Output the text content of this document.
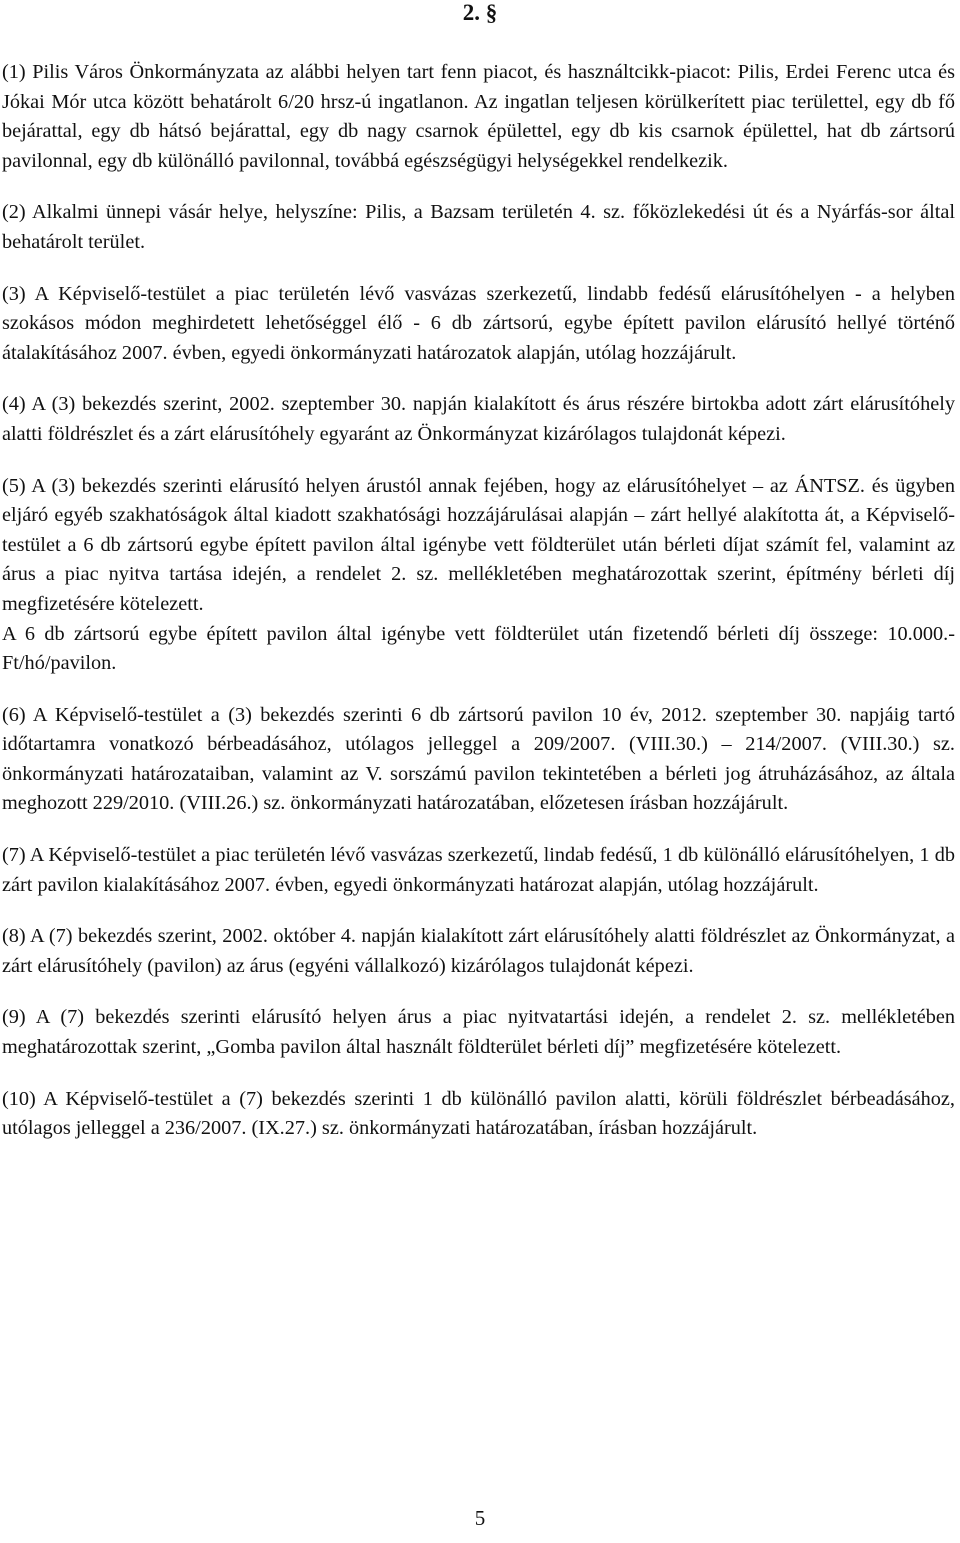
2. §

(1) Pilis Város Önkormányzata az alábbi helyen tart fenn piacot, és használtcikk-piacot: Pilis, Erdei Ferenc utca és Jókai Mór utca között behatárolt 6/20 hrsz-ú ingatlanon. Az ingatlan teljesen körülkerített piac területtel, egy db fő bejárattal, egy db hátsó bejárattal, egy db nagy csarnok épülettel, egy db kis csarnok épülettel, hat db zártsorú pavilonnal, egy db különálló pavilonnal, továbbá egészségügyi helységekkel rendelkezik.

(2) Alkalmi ünnepi vásár helye, helyszíne: Pilis, a Bazsam területén 4. sz. főközlekedési út és a Nyárfás-sor által behatárolt terület.

(3) A Képviselő-testület a piac területén lévő vasvázas szerkezetű, lindabb fedésű elárusítóhelyen - a helyben szokásos módon meghirdetett lehetőséggel élő - 6 db zártsorú, egybe épített pavilon elárusító hellyé történő átalakításához 2007. évben, egyedi önkormányzati határozatok alapján, utólag hozzájárult.

(4) A (3) bekezdés szerint, 2002. szeptember 30. napján kialakított és árus részére birtokba adott zárt elárusítóhely alatti földrészlet és a zárt elárusítóhely egyaránt az Önkormányzat kizárólagos tulajdonát képezi.

(5) A (3) bekezdés szerinti elárusító helyen árustól annak fejében, hogy az elárusítóhelyet – az ÁNTSZ. és ügyben eljáró egyéb szakhatóságok által kiadott szakhatósági hozzájárulásai alapján – zárt hellyé alakította át, a Képviselő-testület a 6 db zártsorú egybe épített pavilon által igénybe vett földterület után bérleti díjat számít fel, valamint az árus a piac nyitva tartása idején, a rendelet 2. sz. mellékletében meghatározottak szerint, építmény bérleti díj megfizetésére kötelezett.

A 6 db zártsorú egybe épített pavilon által igénybe vett földterület után fizetendő bérleti díj összege: 10.000.- Ft/hó/pavilon.

(6) A Képviselő-testület a (3) bekezdés szerinti 6 db zártsorú pavilon 10 év, 2012. szeptember 30. napjáig tartó időtartamra vonatkozó bérbeadásához, utólagos jelleggel a 209/2007. (VIII.30.) – 214/2007. (VIII.30.) sz. önkormányzati határozataiban, valamint az V. sorszámú pavilon tekintetében a bérleti jog átruházásához, az általa meghozott 229/2010. (VIII.26.) sz. önkormányzati határozatában, előzetesen írásban hozzájárult.

(7) A Képviselő-testület a piac területén lévő vasvázas szerkezetű, lindab fedésű, 1 db különálló elárusítóhelyen, 1 db zárt pavilon kialakításához 2007. évben, egyedi önkormányzati határozat alapján, utólag hozzájárult.

(8) A (7) bekezdés szerint, 2002. október 4. napján kialakított zárt elárusítóhely alatti földrészlet az Önkormányzat, a zárt elárusítóhely (pavilon) az árus (egyéni vállalkozó) kizárólagos tulajdonát képezi.

(9) A (7) bekezdés szerinti elárusító helyen árus a piac nyitvatartási idején, a rendelet 2. sz. mellékletében meghatározottak szerint, „Gomba pavilon által használt földterület bérleti díj” megfizetésére kötelezett.

(10) A Képviselő-testület a (7) bekezdés szerinti 1 db különálló pavilon alatti, körüli földrészlet bérbeadásához, utólagos jelleggel a 236/2007. (IX.27.) sz. önkormányzati határozatában, írásban hozzájárult.

5
